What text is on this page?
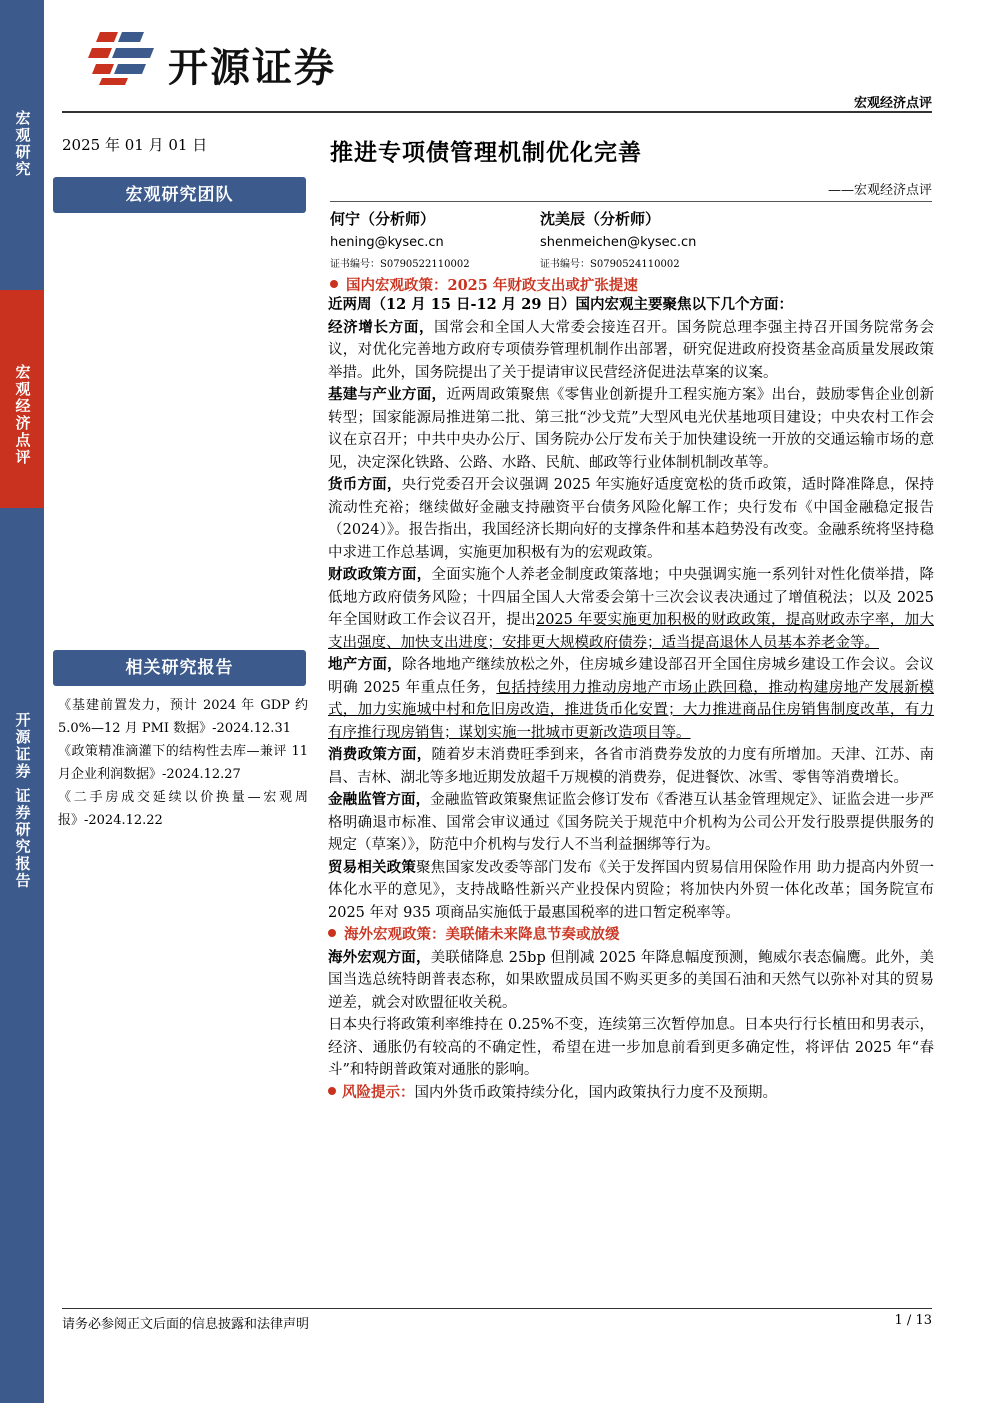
宏观研究
宏观经济点评
开源证券 证券研究报告
开源证券
宏观经济点评
2025 年 01 月 01 日	推进专项债管理机制优化完善
——宏观经济点评
宏观研究团队
相关研究报告
何宁（分析师）
hening@kysec.cn
证书编号：S0790522110002
沈美辰（分析师）
shenmeichen@kysec.cn
证书编号：S0790524110002

《基建前置发力，预计 2024 年 GDP 约 5.0%—12 月 PMI 数据》-2024.12.31

《政策精准滴灌下的结构性去库—兼评 11 月企业利润数据》-2024.12.27

《二手房成交延续以价换量—宏观周报》-2024.12.22

国内宏观政策：2025 年财政支出或扩张提速

近两周（12 月 15 日-12 月 29 日）国内宏观主要聚焦以下几个方面：

经济增长方面，国常会和全国人大常委会接连召开。国务院总理李强主持召开国务院常务会议，对优化完善地方政府专项债券管理机制作出部署，研究促进政府投资基金高质量发展政策举措。此外，国务院提出了关于提请审议民营经济促进法草案的议案。

基建与产业方面，近两周政策聚焦《零售业创新提升工程实施方案》出台，鼓励零售企业创新转型；国家能源局推进第二批、第三批“沙戈荒”大型风电光伏基地项目建设；中央农村工作会议在京召开；中共中央办公厅、国务院办公厅发布关于加快建设统一开放的交通运输市场的意见，决定深化铁路、公路、水路、民航、邮政等行业体制机制改革等。

货币方面，央行党委召开会议强调 2025 年实施好适度宽松的货币政策，适时降准降息，保持流动性充裕；继续做好金融支持融资平台债务风险化解工作；央行发布《中国金融稳定报告（2024）》。报告指出，我国经济长期向好的支撑条件和基本趋势没有改变。金融系统将坚持稳中求进工作总基调，实施更加积极有为的宏观政策。

财政政策方面，全面实施个人养老金制度政策落地；中央强调实施一系列针对性化债举措，降低地方政府债务风险；十四届全国人大常委会第十三次会议表决通过了增值税法；以及 2025 年全国财政工作会议召开，提出2025 年要实施更加积极的财政政策，提高财政赤字率，加大支出强度、加快支出进度；安排更大规模政府债券；适当提高退休人员基本养老金等。

地产方面，除各地地产继续放松之外，住房城乡建设部召开全国住房城乡建设工作会议。会议明确 2025 年重点任务，包括持续用力推动房地产市场止跌回稳，推动构建房地产发展新模式，加力实施城中村和危旧房改造，推进货币化安置；大力推进商品住房销售制度改革，有力有序推行现房销售；谋划实施一批城市更新改造项目等。

消费政策方面，随着岁末消费旺季到来，各省市消费券发放的力度有所增加。天津、江苏、南昌、吉林、湖北等多地近期发放超千万规模的消费券，促进餐饮、冰雪、零售等消费增长。

金融监管方面，金融监管政策聚焦证监会修订发布《香港互认基金管理规定》、证监会进一步严格明确退市标准、国常会审议通过《国务院关于规范中介机构为公司公开发行股票提供服务的规定（草案）》，防范中介机构与发行人不当利益捆绑等行为。

贸易相关政策聚焦国家发改委等部门发布《关于发挥国内贸易信用保险作用 助力提高内外贸一体化水平的意见》，支持战略性新兴产业投保内贸险；将加快内外贸一体化改革；国务院宣布 2025 年对 935 项商品实施低于最惠国税率的进口暂定税率等。

海外宏观政策：美联储未来降息节奏或放缓

海外宏观方面，美联储降息 25bp 但削减 2025 年降息幅度预测，鲍威尔表态偏鹰。此外，美国当选总统特朗普表态称，如果欧盟成员国不购买更多的美国石油和天然气以弥补对其的贸易逆差，就会对欧盟征收关税。

日本央行将政策利率维持在 0.25%不变，连续第三次暂停加息。日本央行行长植田和男表示，经济、通胀仍有较高的不确定性，希望在进一步加息前看到更多确定性，将评估 2025 年“春斗”和特朗普政策对通胀的影响。

风险提示：国内外货币政策持续分化，国内政策执行力度不及预期。

请务必参阅正文后面的信息披露和法律声明	1 / 13
